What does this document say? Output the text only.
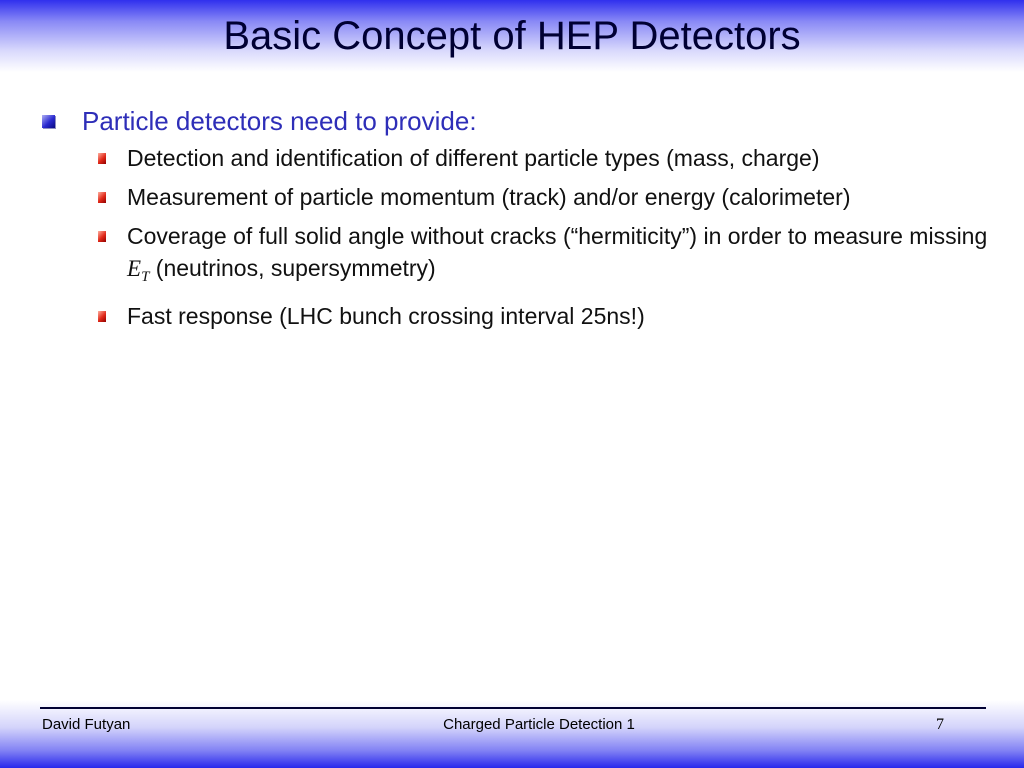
Basic Concept of HEP Detectors
Particle detectors need to provide:
Detection and identification of different particle types (mass, charge)
Measurement of particle momentum (track) and/or energy (calorimeter)
Coverage of full solid angle without cracks (“hermiticity”) in order to measure missing $E_T$ (neutrinos, supersymmetry)
Fast response (LHC bunch crossing interval 25ns!)
David Futyan	Charged Particle Detection 1	7
